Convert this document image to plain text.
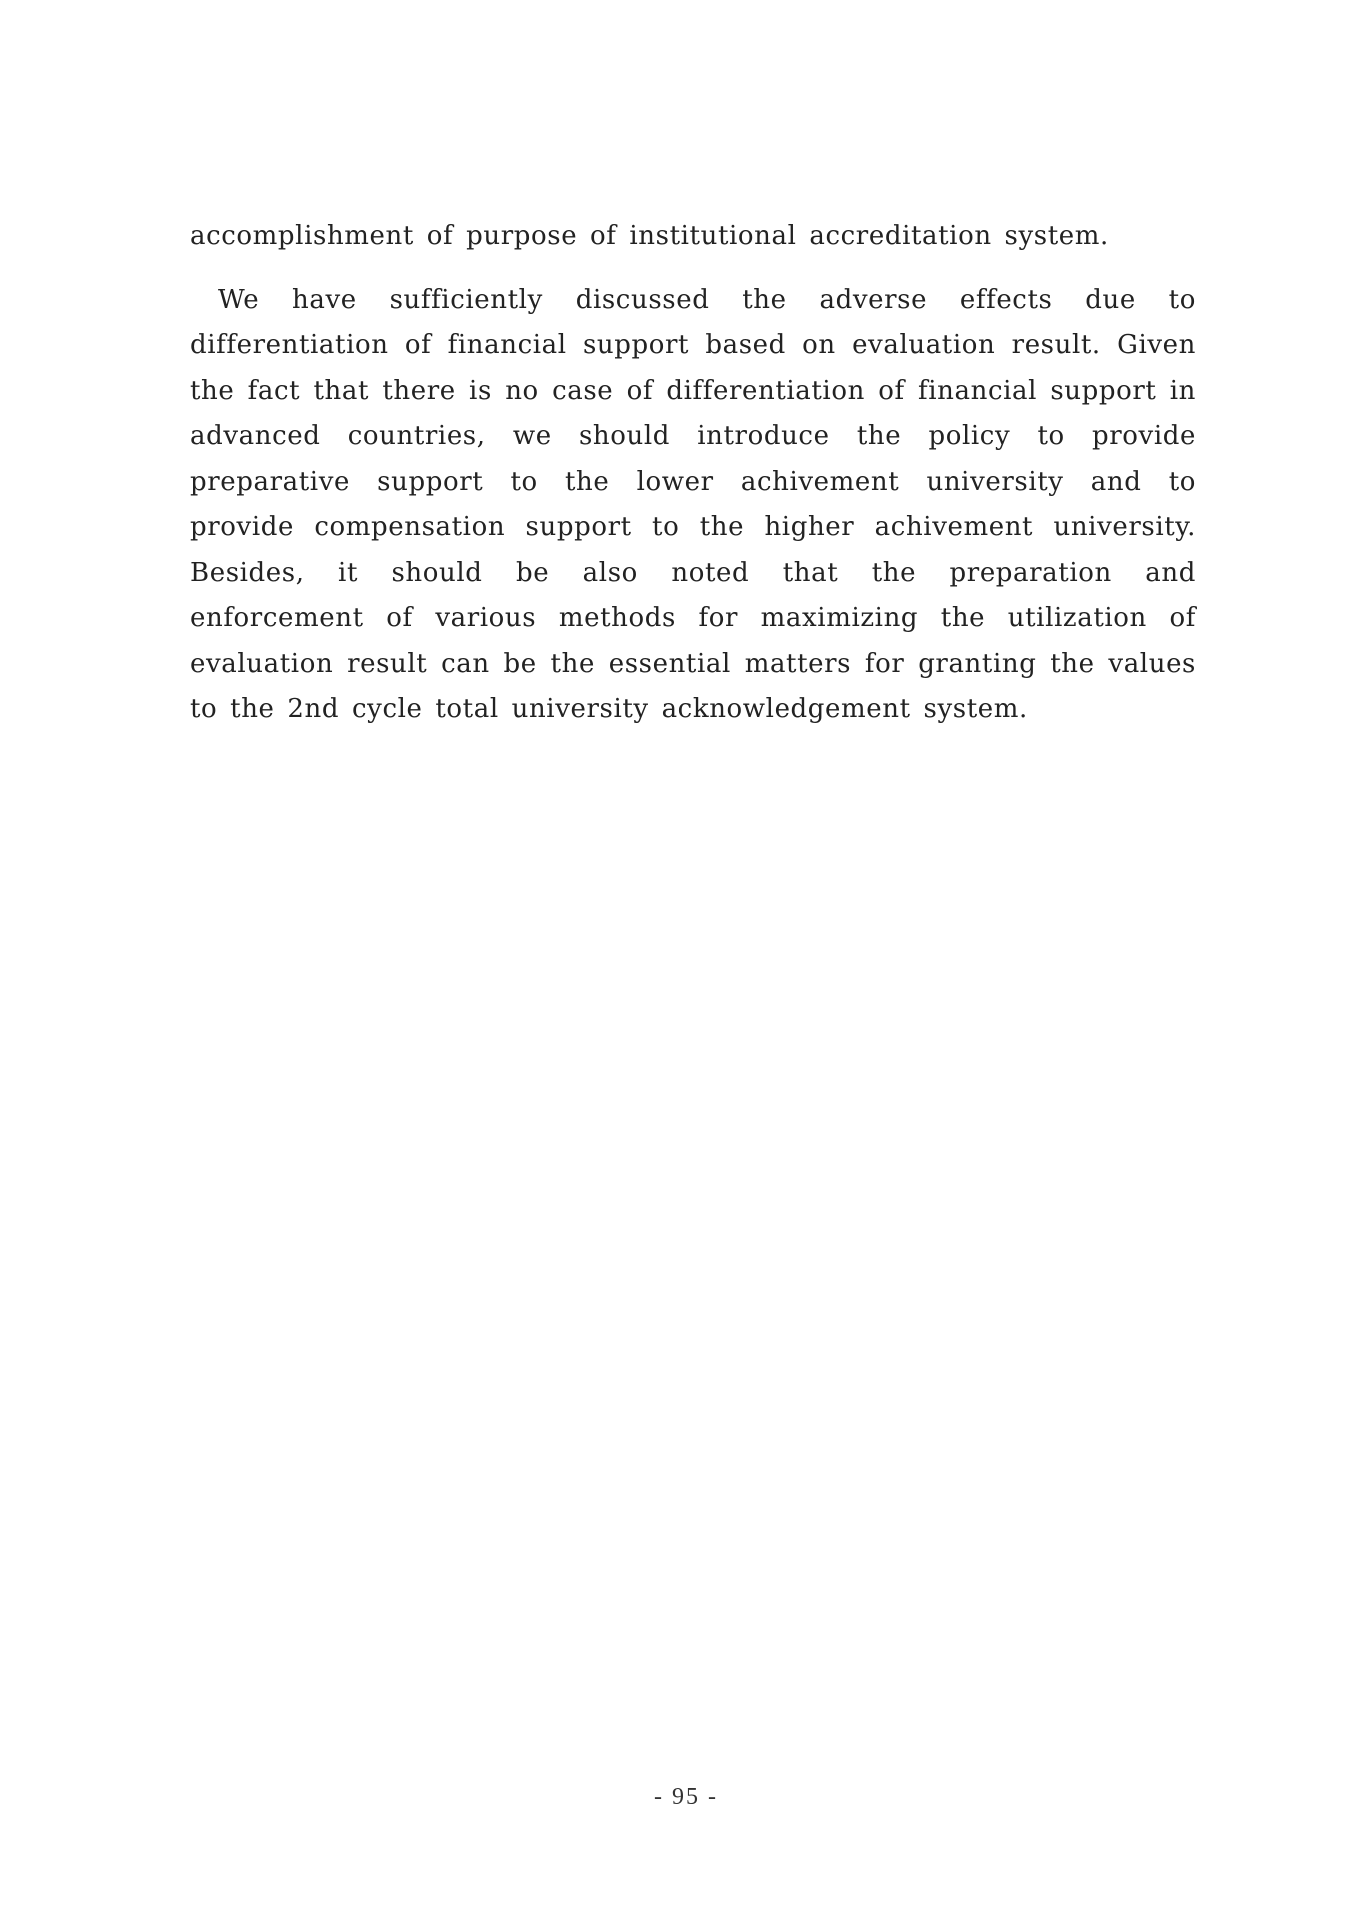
accomplishment of purpose of institutional accreditation system.

We have sufficiently discussed the adverse effects due to differentiation of financial support based on evaluation result. Given the fact that there is no case of differentiation of financial support in advanced countries, we should introduce the policy to provide preparative support to the lower achivement university and to provide compensation support to the higher achivement university. Besides, it should be also noted that the preparation and enforcement of various methods for maximizing the utilization of evaluation result can be the essential matters for granting the values to the 2nd cycle total university acknowledgement system.

- 95 -
